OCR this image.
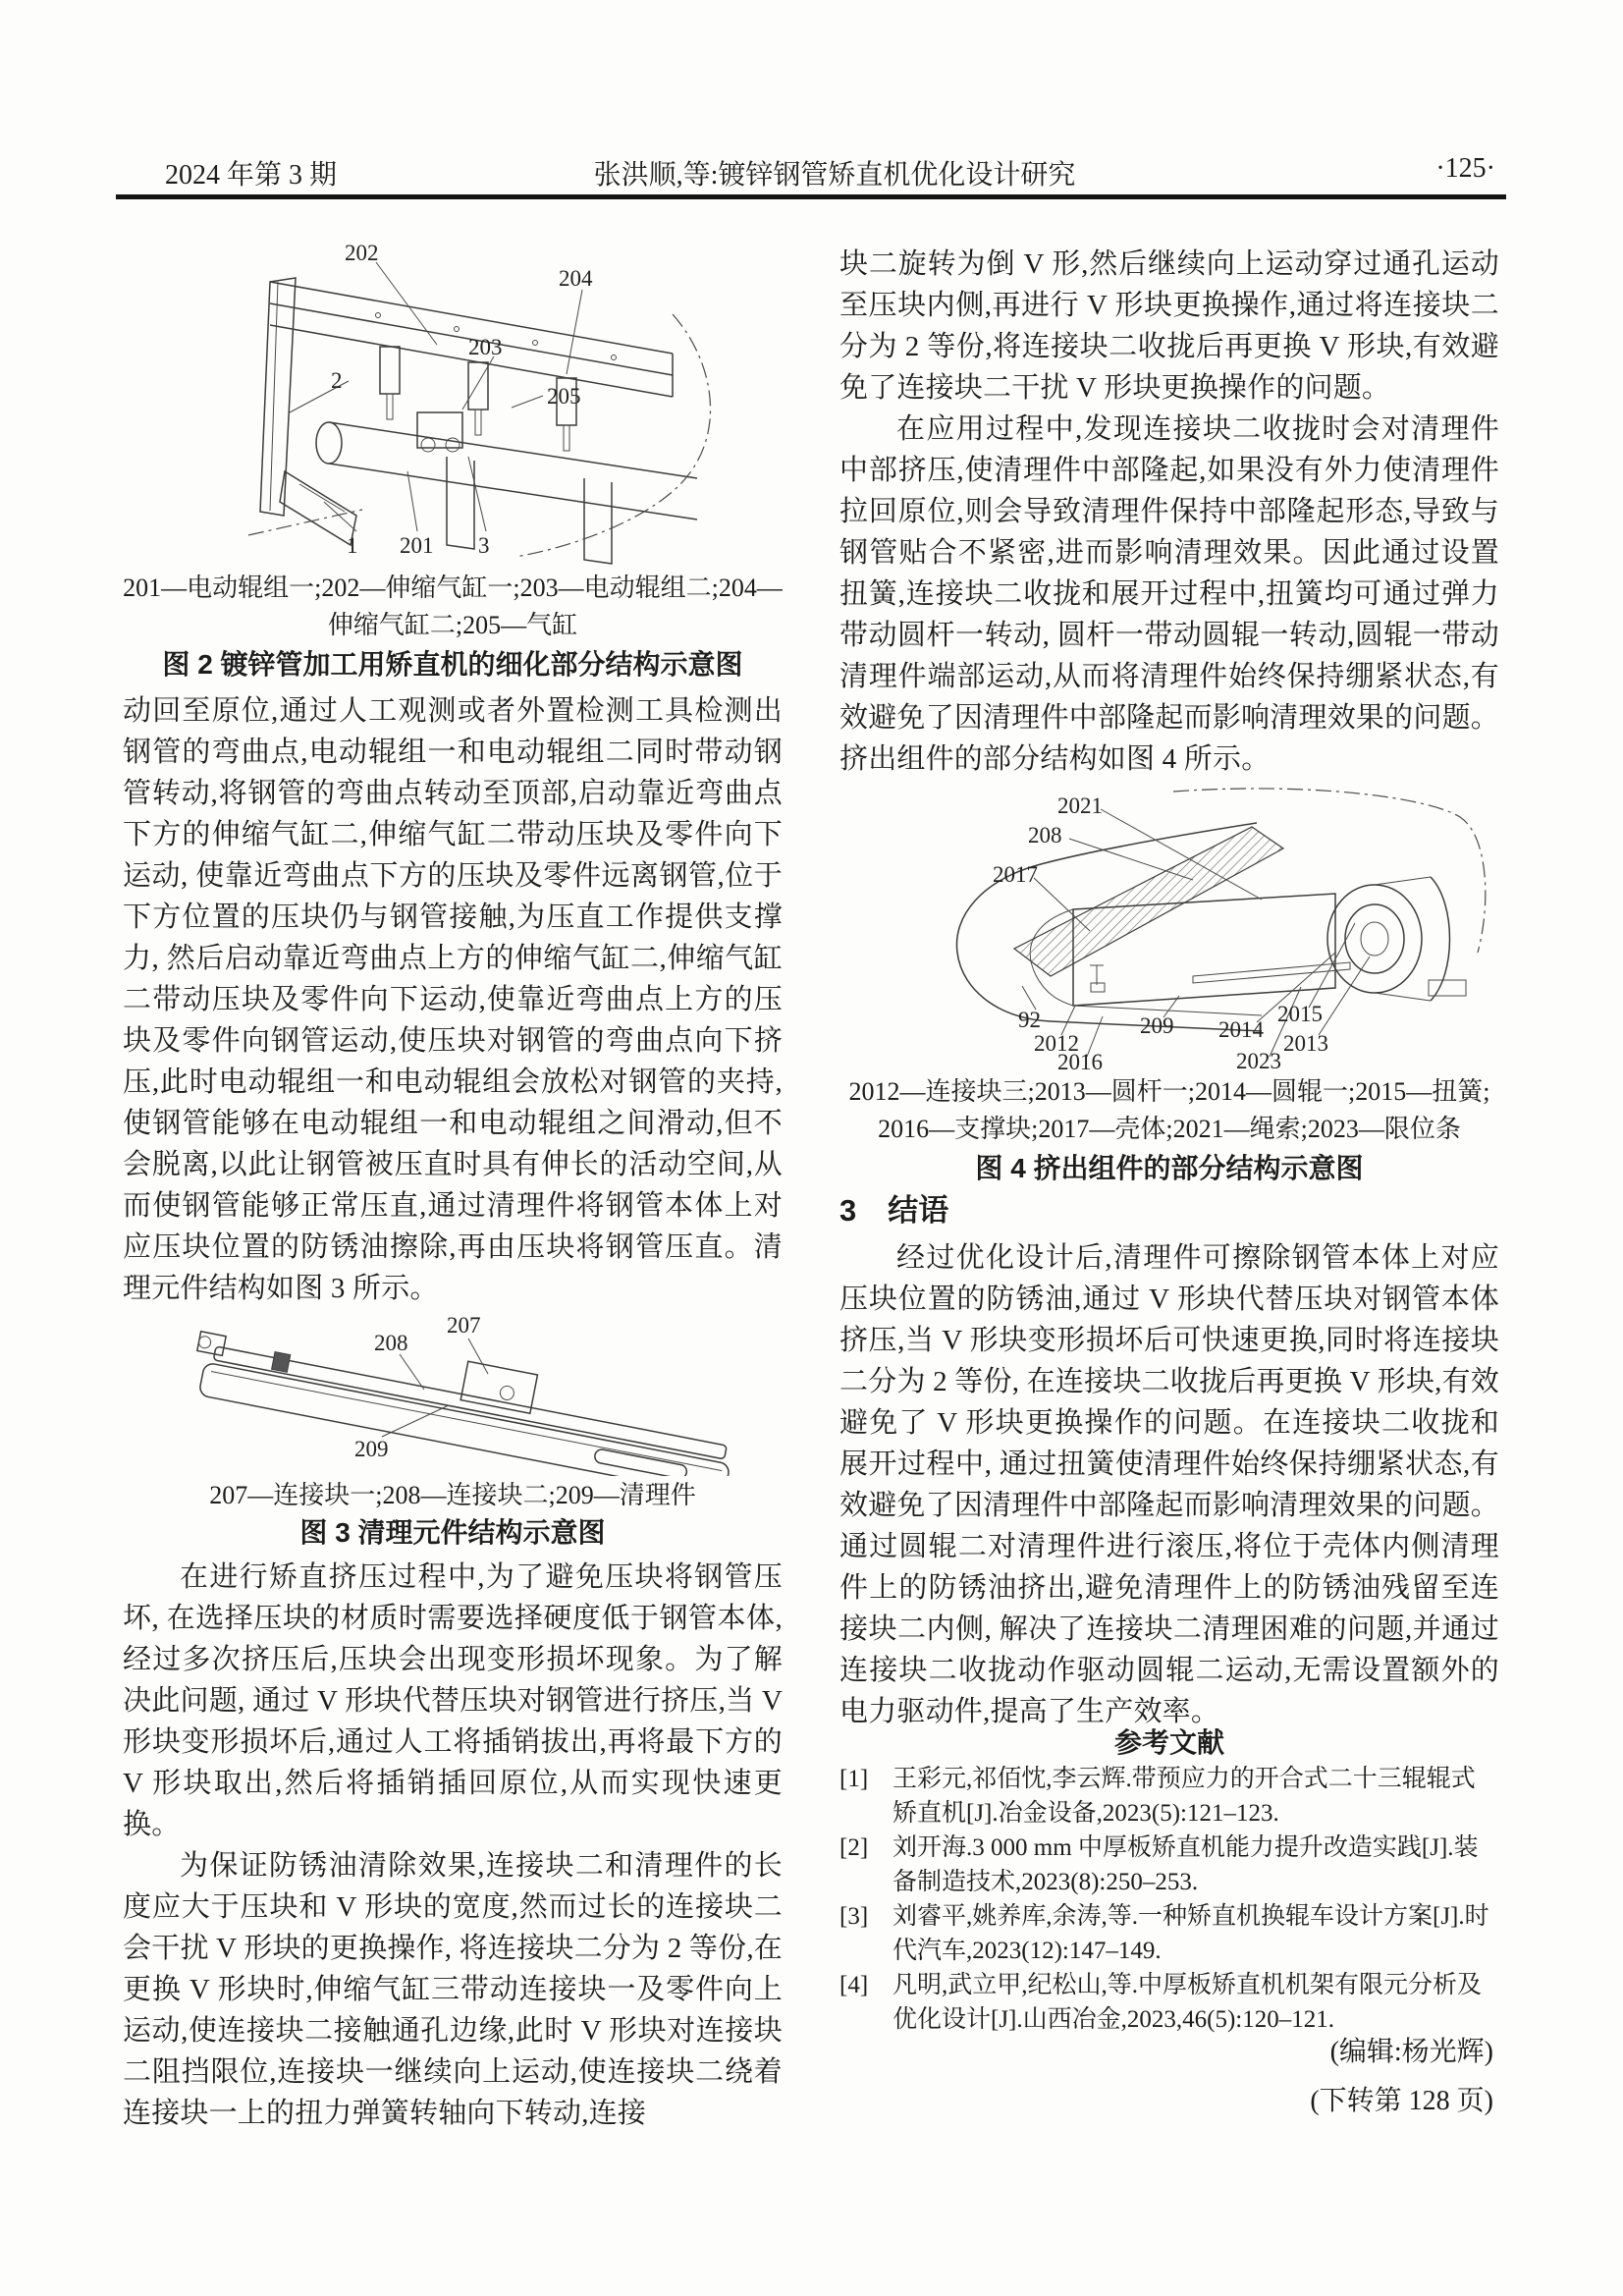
2024 年第 3 期	张洪顺,等:镀锌钢管矫直机优化设计研究	·125·
202
204
203
2
205
1 201 3
201—电动辊组一;202—伸缩气缸一;203—电动辊组二;204—
伸缩气缸二;205—气缸
图 2 镀锌管加工用矫直机的细化部分结构示意图
动回至原位,通过人工观测或者外置检测工具检测出钢管的弯曲点,电动辊组一和电动辊组二同时带动钢管转动,将钢管的弯曲点转动至顶部,启动靠近弯曲点下方的伸缩气缸二,伸缩气缸二带动压块及零件向下运动, 使靠近弯曲点下方的压块及零件远离钢管,位于下方位置的压块仍与钢管接触,为压直工作提供支撑力, 然后启动靠近弯曲点上方的伸缩气缸二,伸缩气缸二带动压块及零件向下运动,使靠近弯曲点上方的压块及零件向钢管运动,使压块对钢管的弯曲点向下挤压,此时电动辊组一和电动辊组会放松对钢管的夹持,使钢管能够在电动辊组一和电动辊组之间滑动,但不会脱离,以此让钢管被压直时具有伸长的活动空间,从而使钢管能够正常压直,通过清理件将钢管本体上对应压块位置的防锈油擦除,再由压块将钢管压直。清理元件结构如图 3 所示。
207
208
209
207—连接块一;208—连接块二;209—清理件
图 3 清理元件结构示意图
在进行矫直挤压过程中,为了避免压块将钢管压坏, 在选择压块的材质时需要选择硬度低于钢管本体,经过多次挤压后,压块会出现变形损坏现象。为了解决此问题, 通过 V 形块代替压块对钢管进行挤压,当 V 形块变形损坏后,通过人工将插销拔出,再将最下方的 V 形块取出,然后将插销插回原位,从而实现快速更换。
为保证防锈油清除效果,连接块二和清理件的长度应大于压块和 V 形块的宽度,然而过长的连接块二会干扰 V 形块的更换操作, 将连接块二分为 2 等份,在更换 V 形块时,伸缩气缸三带动连接块一及零件向上运动,使连接块二接触通孔边缘,此时 V 形块对连接块二阻挡限位,连接块一继续向上运动,使连接块二绕着连接块一上的扭力弹簧转轴向下转动,连接
块二旋转为倒 V 形,然后继续向上运动穿过通孔运动至压块内侧,再进行 V 形块更换操作,通过将连接块二分为 2 等份,将连接块二收拢后再更换 V 形块,有效避免了连接块二干扰 V 形块更换操作的问题。
在应用过程中,发现连接块二收拢时会对清理件中部挤压,使清理件中部隆起,如果没有外力使清理件拉回原位,则会导致清理件保持中部隆起形态,导致与钢管贴合不紧密,进而影响清理效果。因此通过设置扭簧,连接块二收拢和展开过程中,扭簧均可通过弹力带动圆杆一转动, 圆杆一带动圆辊一转动,圆辊一带动清理件端部运动,从而将清理件始终保持绷紧状态,有效避免了因清理件中部隆起而影响清理效果的问题。挤出组件的部分结构如图 4 所示。
2021
208
2017
2014
2015
2013
2023
92
2012
2016
209
2012—连接块三;2013—圆杆一;2014—圆辊一;2015—扭簧;
2016—支撑块;2017—壳体;2021—绳索;2023—限位条
图 4 挤出组件的部分结构示意图
3 结语
经过优化设计后,清理件可擦除钢管本体上对应压块位置的防锈油,通过 V 形块代替压块对钢管本体挤压,当 V 形块变形损坏后可快速更换,同时将连接块二分为 2 等份, 在连接块二收拢后再更换 V 形块,有效避免了 V 形块更换操作的问题。在连接块二收拢和展开过程中, 通过扭簧使清理件始终保持绷紧状态,有效避免了因清理件中部隆起而影响清理效果的问题。 通过圆辊二对清理件进行滚压,将位于壳体内侧清理件上的防锈油挤出,避免清理件上的防锈油残留至连接块二内侧, 解决了连接块二清理困难的问题,并通过连接块二收拢动作驱动圆辊二运动,无需设置额外的电力驱动件,提高了生产效率。
参考文献
[1] 王彩元,祁佰忱,李云辉.带预应力的开合式二十三辊辊式矫直机[J].冶金设备,2023(5):121–123.
[2] 刘开海.3 000 mm 中厚板矫直机能力提升改造实践[J].装备制造技术,2023(8):250–253.
[3] 刘睿平,姚养库,余涛,等.一种矫直机换辊车设计方案[J].时代汽车,2023(12):147–149.
[4] 凡明,武立甲,纪松山,等.中厚板矫直机机架有限元分析及优化设计[J].山西冶金,2023,46(5):120–121.
(编辑:杨光辉)
(下转第 128 页)
